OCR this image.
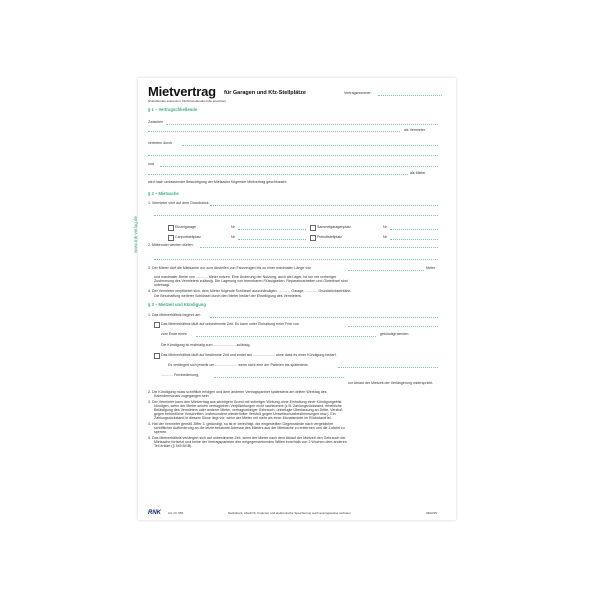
www.rnk-verlag.de
Mietvertrag für Garagen und Kfz-Stellplätze	Vertragsnummer:
(Zutreffendes ankreuzen, Nichtzutreffendes bitte streichen)
§ 1 – Vertragschließende
Zwischen
als Vermieter
vertreten durch
und
als Mieter
wird nach umfassender Besichtigung der Mietsache folgender Mietvertrag geschlossen:
§ 2 – Mietsache
1. Vermieter vinrt auf dem Grundstück
Einzelgarage	Nr.	Sammelgaragenplatz	Nr.
Carportstellplatz	Nr.	Freiluftstellplatz	Nr.
2. Mitbenutzt werden dürfen:
3. Der Mieter darf die Mietsache nur zum Abstellen von Fahrzeugen bis zu einer maximalen Länge von	Meter
und maximaler Breite von ............ Meter nutzen. Eine Änderung der Nutzung, auch als Lager, ist nur mit vorheriger
Zustimmung des Vermieters zulässig. Die Lagerung von brennbaren Flüssigkeiten, Reparaturarbeiten und Ölwechsel sind
untersagt.
4. Der Vermieter verpflichtet sich, dem Mieter folgende Schlüssel auszuhändigen: ............ Garage, ............ Grundstückseinfahrt.
Die Beschaffung weiterer Schlüssel durch den Mieter bedarf der Einwilligung des Vermieters.
§ 3 – Mietzeit und Kündigung
1. Das Mietverhältnis beginnt am
Das Mietverhältnis läuft auf unbestimmte Zeit. Es kann unter Einhaltung einer Frist von
zum Ende eines	gekündigt werden.
Die Kündigung ist erstmalig zum ...................... zulässig.
Das Mietverhältnis läuft auf bestimmte Zeit und endet am ...................... ohne dass es einer Kündigung bedarf.
Es verlängert sich jeweils um ...................... wenn nicht eine der Parteien bis spätestens
............ Fernbedienung,
vor Ablauf der Mietzeit der Verlängerung widerspricht.
2. Die Kündigung muss schriftlich erfolgen und dem anderen Vertragspartner spätestens am dritten Werktag des
Kalendermonats zugegangen sein.
3. Der Vermieter kann den Mietvertrag aus wichtigem Grund mit sofortiger Wirkung ohne Einhaltung einer Kündigungsfrist
kündigen, wenn der Mieter seinen vertraglichen Verpflichtungen nicht nachkommt (z.B. Zahlungsrückstand, erhebliche
Belästigung des Vermieters oder anderer Mieter, vertragswidriger Gebrauch, unbefugte Überlassung an Dritte, Verstoß
gegen behördliche Vorschriften, insbesondere wiederholter Verstoß gegen Umweltschutzbestimmungen usw.). Ein
Zahlungsrückstand in diesem Sinne liegt vor, wenn der Mieter mit mehr als einer Monatsmiete im Rückstand ist.
4. Hat der Vermieter gemäß Ziffer 3. gekündigt, so ist er berechtigt, die eingestellten Gegenstände nach vergeblicher
schriftlicher Aufforderung an die letzte bekannte Adresse des Mieters aus der Mietsache zu entfernen und die Zufahrt zu
sperren.
5. Das Mietverhältnis verlängert sich auf unbestimmte Zeit, wenn der Mieter nach dem Ablauf der Mietzeit den Gebrauch der
Mietsache fortsetzt und keine der Vertragsparteien den entgegenstehenden Willen innerhalb von 2 Wochen dem anderen
Teil erklärt (§ 545 BGB).
RNK Art.-Nr. 553	Nachdruck, Abschrift, Kopieren und elektronische Speicherung auch auszugsweise verboten.	0302/15
